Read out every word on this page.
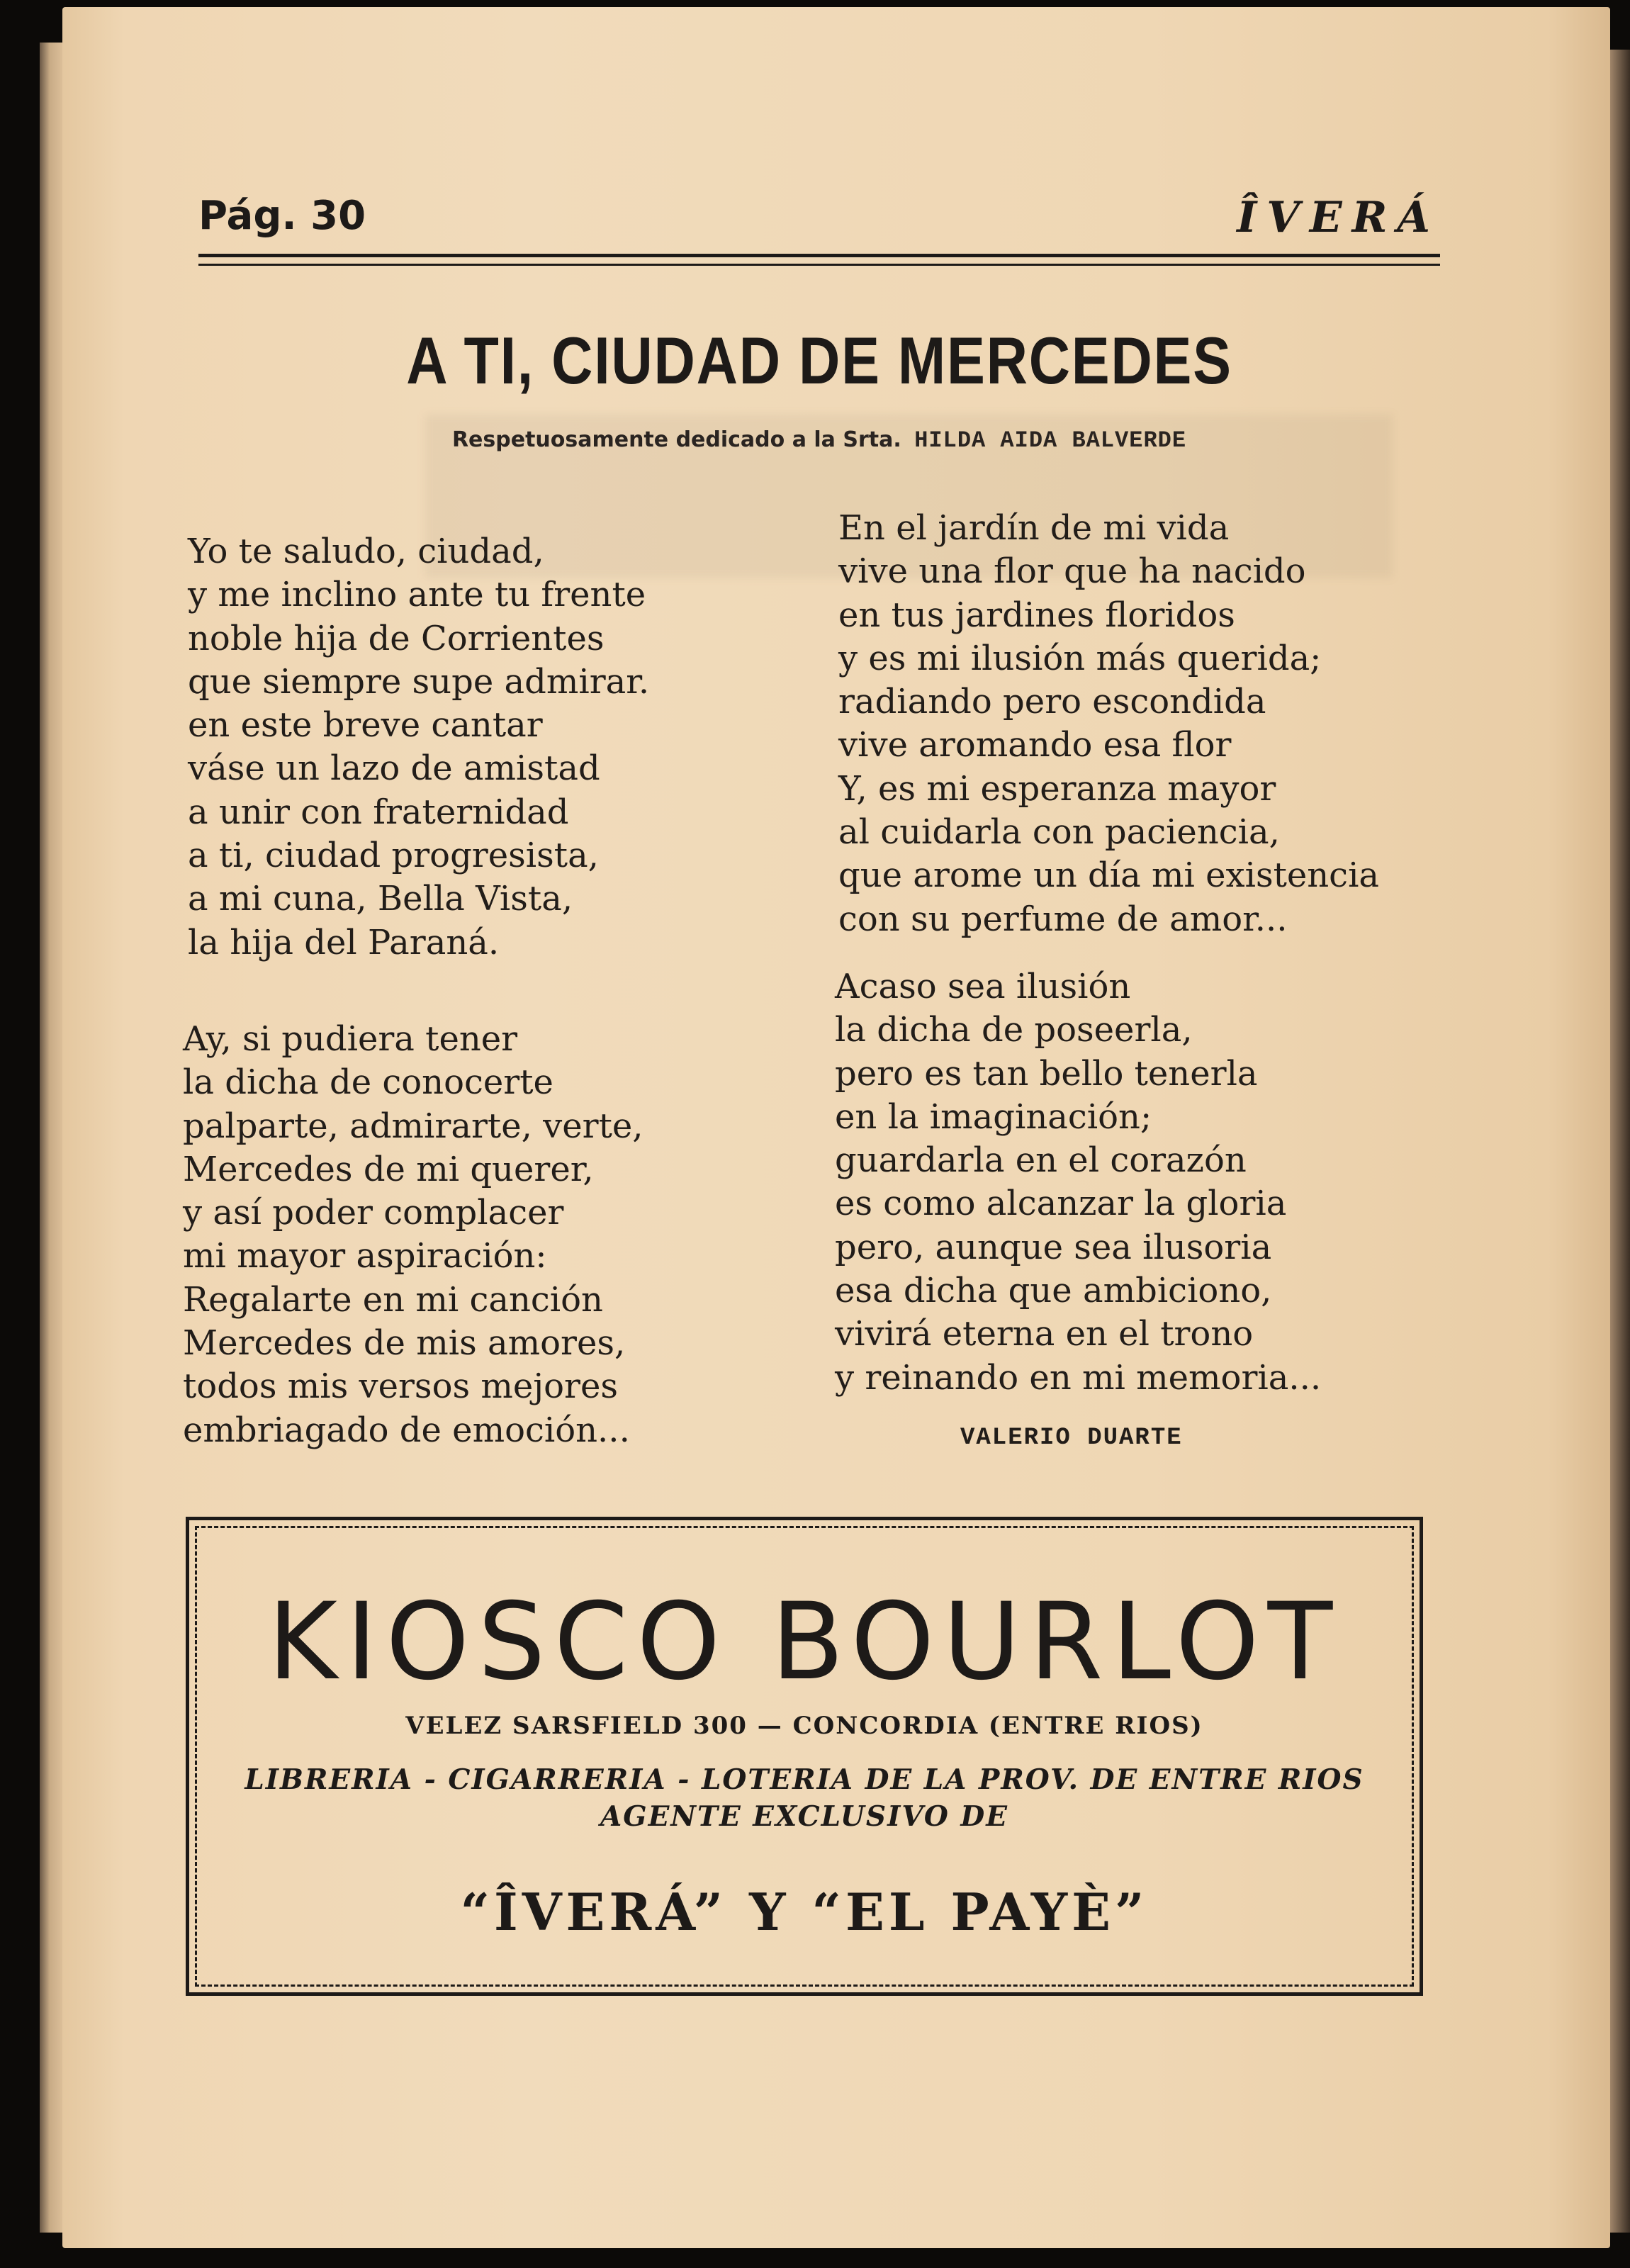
Pág. 30	ÎVERÁ
A TI, CIUDAD DE MERCEDES
Respetuosamente dedicado a la Srta. HILDA AIDA BALVERDE
Yo te saludo, ciudad,
y me inclino ante tu frente
noble hija de Corrientes
que siempre supe admirar.
en este breve cantar
váse un lazo de amistad
a unir con fraternidad
a ti, ciudad progresista,
a mi cuna, Bella Vista,
la hija del Paraná.
Ay, si pudiera tener
la dicha de conocerte
palparte, admirarte, verte,
Mercedes de mi querer,
y así poder complacer
mi mayor aspiración:
Regalarte en mi canción
Mercedes de mis amores,
todos mis versos mejores
embriagado de emoción...
En el jardín de mi vida
vive una flor que ha nacido
en tus jardines floridos
y es mi ilusión más querida;
radiando pero escondida
vive aromando esa flor
Y, es mi esperanza mayor
al cuidarla con paciencia,
que arome un día mi existencia
con su perfume de amor...
Acaso sea ilusión
la dicha de poseerla,
pero es tan bello tenerla
en la imaginación;
guardarla en el corazón
es como alcanzar la gloria
pero, aunque sea ilusoria
esa dicha que ambiciono,
vivirá eterna en el trono
y reinando en mi memoria...
VALERIO DUARTE
KIOSCO BOURLOT
VELEZ SARSFIELD 300 — CONCORDIA (ENTRE RIOS)
LIBRERIA - CIGARRERIA - LOTERIA DE LA PROV. DE ENTRE RIOS
AGENTE EXCLUSIVO DE
“ÎVERÁ” Y “EL PAYÈ”
